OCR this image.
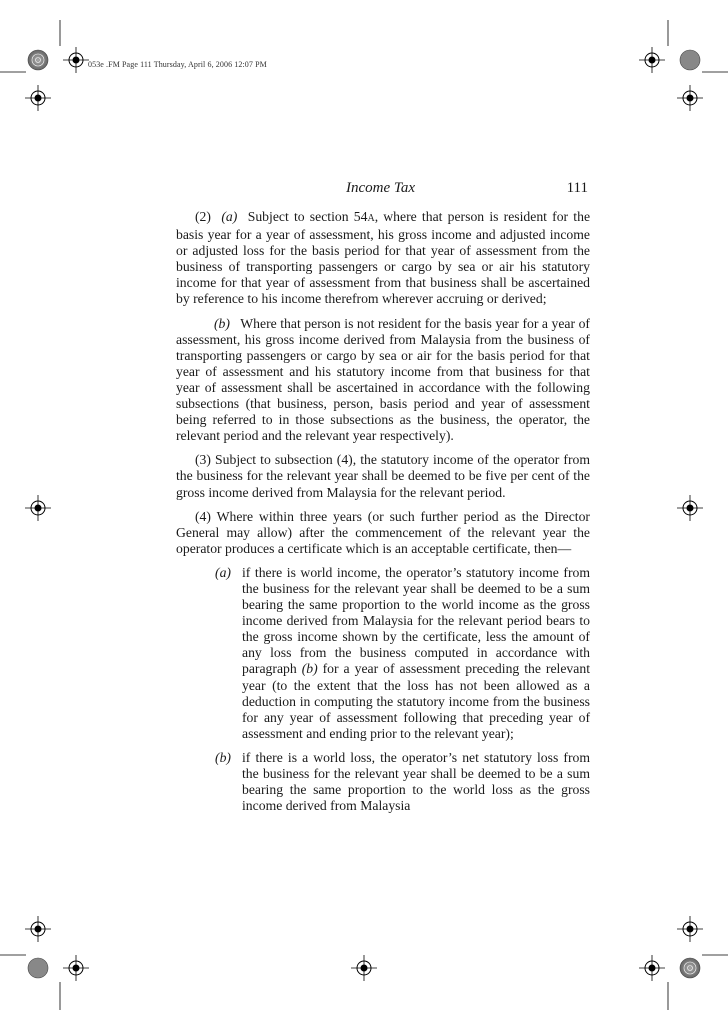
053e .FM Page 111 Thursday, April 6, 2006 12:07 PM
Income Tax	111

(2) (a) Subject to section 54A, where that person is resident for the basis year for a year of assessment, his gross income and adjusted income or adjusted loss for the basis period for that year of assessment from the business of transporting passengers or cargo by sea or air his statutory income for that year of assessment from that business shall be ascertained by reference to his income therefrom wherever accruing or derived;

(b) Where that person is not resident for the basis year for a year of assessment, his gross income derived from Malaysia from the business of transporting passengers or cargo by sea or air for the basis period for that year of assessment and his statutory income from that business for that year of assessment shall be ascertained in accordance with the following subsections (that business, person, basis period and year of assessment being referred to in those subsections as the business, the operator, the relevant period and the relevant year respectively).

(3) Subject to subsection (4), the statutory income of the operator from the business for the relevant year shall be deemed to be five per cent of the gross income derived from Malaysia for the relevant period.

(4) Where within three years (or such further period as the Director General may allow) after the commencement of the relevant year the operator produces a certificate which is an acceptable certificate, then—

(a) if there is world income, the operator’s statutory income from the business for the relevant year shall be deemed to be a sum bearing the same proportion to the world income as the gross income derived from Malaysia for the relevant period bears to the gross income shown by the certificate, less the amount of any loss from the business computed in accordance with paragraph (b) for a year of assessment preceding the relevant year (to the extent that the loss has not been allowed as a deduction in computing the statutory income from the business for any year of assessment following that preceding year of assessment and ending prior to the relevant year);
(b) if there is a world loss, the operator’s net statutory loss from the business for the relevant year shall be deemed to be a sum bearing the same proportion to the world loss as the gross income derived from Malaysia
